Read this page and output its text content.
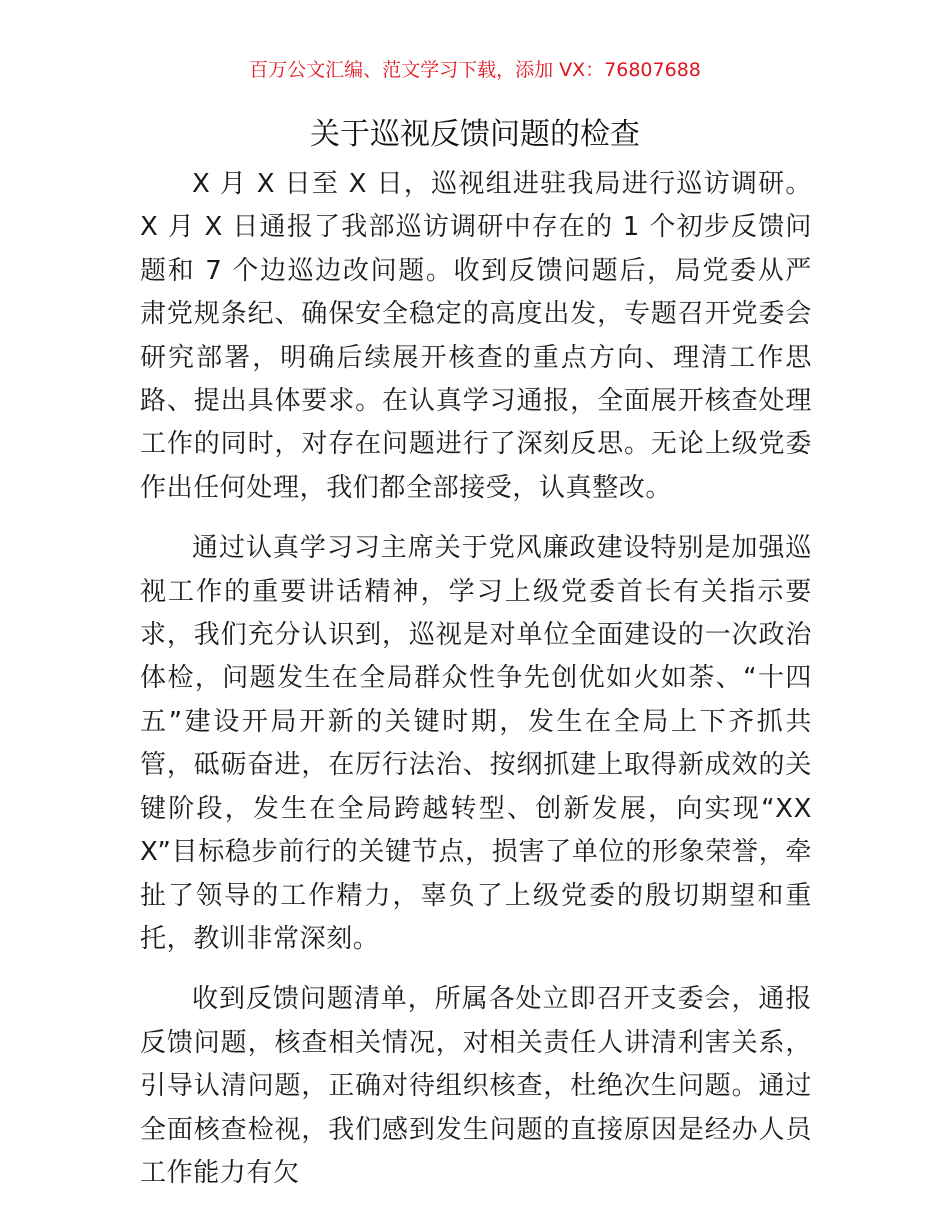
百万公文汇编、范文学习下载，添加 VX：76807688
关于巡视反馈问题的检查

X 月 X 日至 X 日，巡视组进驻我局进行巡访调研。X 月 X 日通报了我部巡访调研中存在的 1 个初步反馈问题和 7 个边巡边改问题。收到反馈问题后，局党委从严肃党规条纪、确保安全稳定的高度出发，专题召开党委会研究部署，明确后续展开核查的重点方向、理清工作思路、提出具体要求。在认真学习通报，全面展开核查处理工作的同时，对存在问题进行了深刻反思。无论上级党委作出任何处理，我们都全部接受，认真整改。

通过认真学习习主席关于党风廉政建设特别是加强巡视工作的重要讲话精神，学习上级党委首长有关指示要求，我们充分认识到，巡视是对单位全面建设的一次政治体检，问题发生在全局群众性争先创优如火如荼、“十四五”建设开局开新的关键时期，发生在全局上下齐抓共管，砥砺奋进，在厉行法治、按纲抓建上取得新成效的关键阶段，发生在全局跨越转型、创新发展，向实现“XXX”目标稳步前行的关键节点，损害了单位的形象荣誉，牵扯了领导的工作精力，辜负了上级党委的殷切期望和重托，教训非常深刻。

收到反馈问题清单，所属各处立即召开支委会，通报反馈问题，核查相关情况，对相关责任人讲清利害关系，引导认清问题，正确对待组织核查，杜绝次生问题。通过全面核查检视，我们感到发生问题的直接原因是经办人员工作能力有欠
